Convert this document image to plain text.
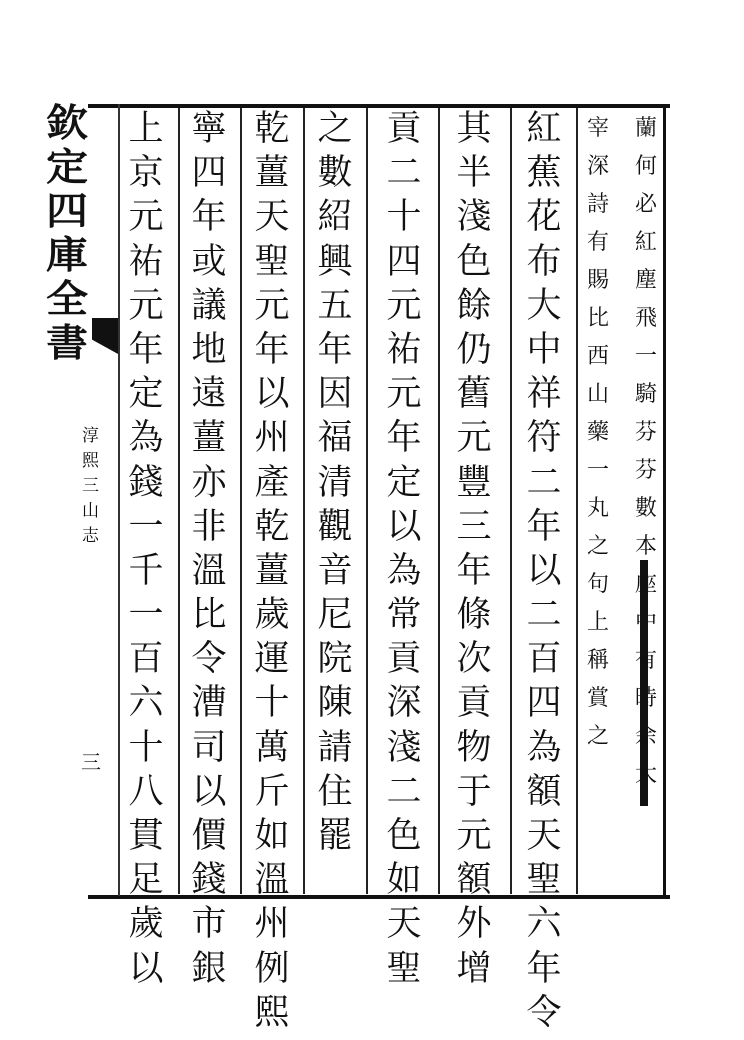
欽
定
四
庫
全
書
淳
熙
三
山
志
三
蘭
何
必
紅
塵
飛
一
騎
芬
芬
數
本
座
中
有
時
余
大
宰
深
詩
有
賜
比
西
山
藥
一
丸
之
句
上
稱
賞
之
紅
蕉
花
布
大
中
祥
符
二
年
以
二
百
四
為
額
天
聖
六
年
令
其
半
淺
色
餘
仍
舊
元
豐
三
年
條
次
貢
物
于
元
額
外
增
貢
二
十
四
元
祐
元
年
定
以
為
常
貢
深
淺
二
色
如
天
聖
之
數
紹
興
五
年
因
福
清
觀
音
尼
院
陳
請
住
罷
乾
薑
天
聖
元
年
以
州
產
乾
薑
歲
運
十
萬
斤
如
溫
州
例
熙
寧
四
年
或
議
地
遠
薑
亦
非
溫
比
令
漕
司
以
價
錢
市
銀
上
京
元
祐
元
年
定
為
錢
一
千
一
百
六
十
八
貫
足
歲
以
